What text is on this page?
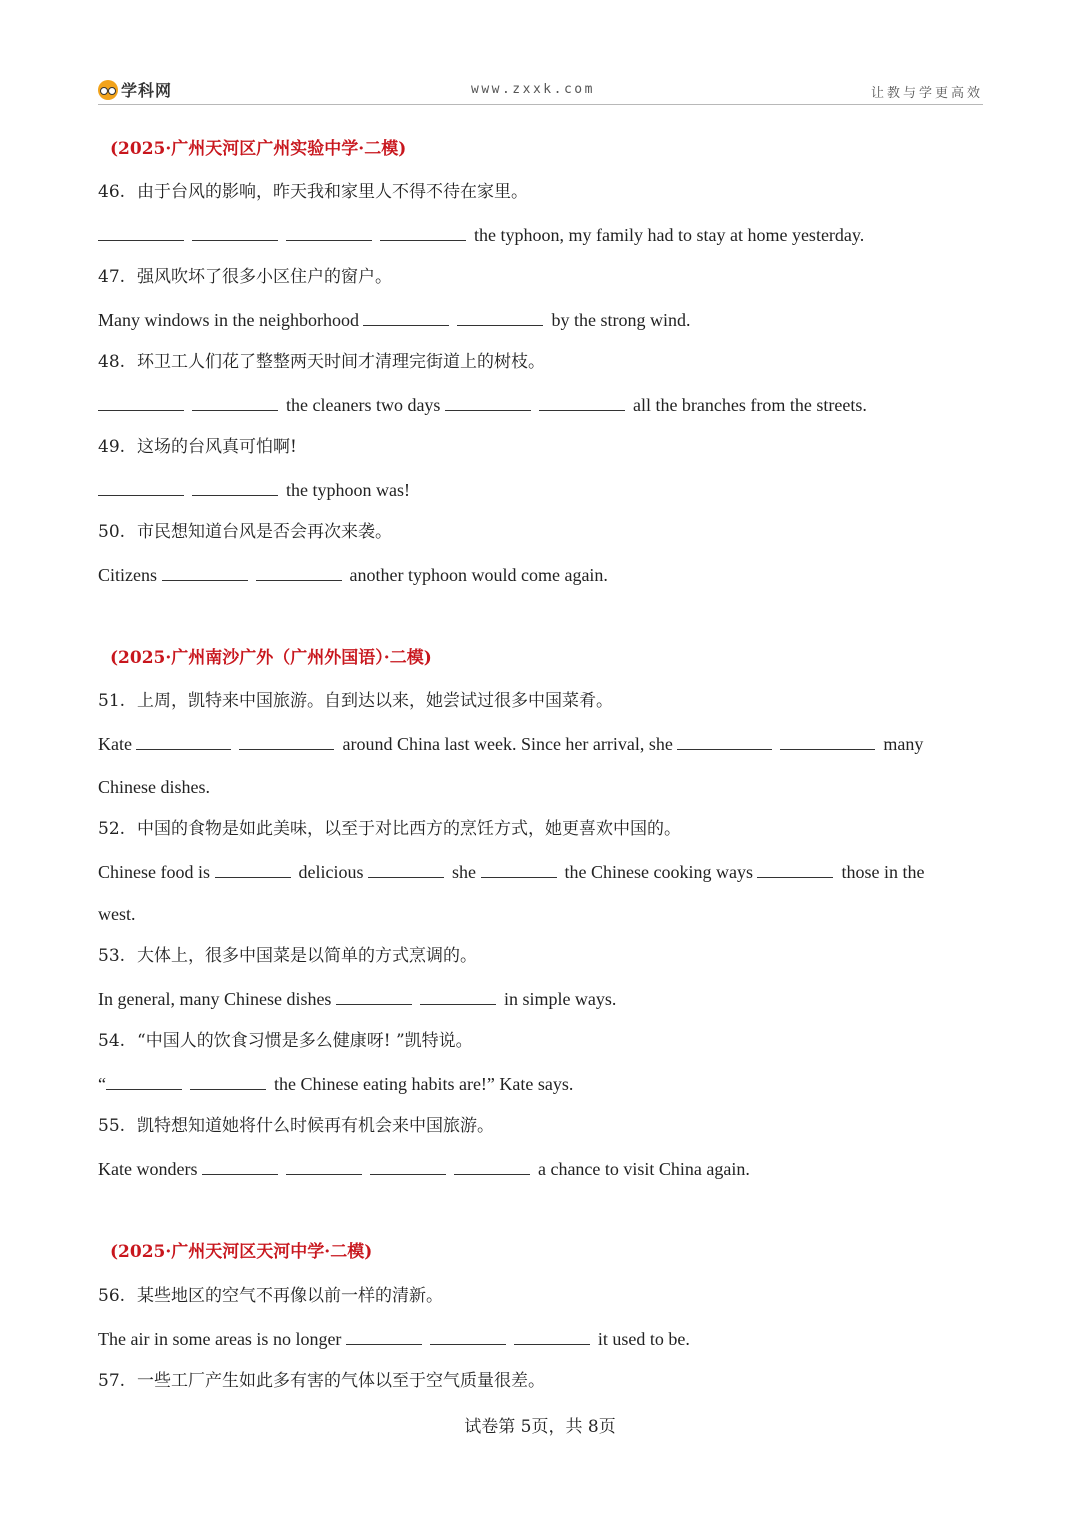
学科网	www.zxxk.com	让教与学更高效
(2025·广州天河区广州实验中学·二模)
46. 由于台风的影响，昨天我和家里人不得不待在家里。
the typhoon, my family had to stay at home yesterday.
47. 强风吹坏了很多小区住户的窗户。
Many windows in the neighborhood	by the strong wind.
48. 环卫工人们花了整整两天时间才清理完街道上的树枝。
the cleaners two days	all the branches from the streets.
49. 这场的台风真可怕啊!
the typhoon was!
50. 市民想知道台风是否会再次来袭。
Citizens	another typhoon would come again.
(2025·广州南沙广外（广州外国语）·二模)
51. 上周，凯特来中国旅游。自到达以来，她尝试过很多中国菜肴。
Kate	around China last week. Since her arrival, she	many
Chinese dishes.
52. 中国的食物是如此美味，以至于对比西方的烹饪方式，她更喜欢中国的。
Chinese food is	delicious	she	the Chinese cooking ways	those in the
west.
53. 大体上，很多中国菜是以简单的方式烹调的。
In general, many Chinese dishes	in simple ways.
54. “中国人的饮食习惯是多么健康呀! ”凯特说。
“	the Chinese eating habits are!” Kate says.
55. 凯特想知道她将什么时候再有机会来中国旅游。
Kate wonders	a chance to visit China again.
(2025·广州天河区天河中学·二模)
56. 某些地区的空气不再像以前一样的清新。
The air in some areas is no longer	it used to be.
57. 一些工厂产生如此多有害的气体以至于空气质量很差。
试卷第 5页，共 8页
